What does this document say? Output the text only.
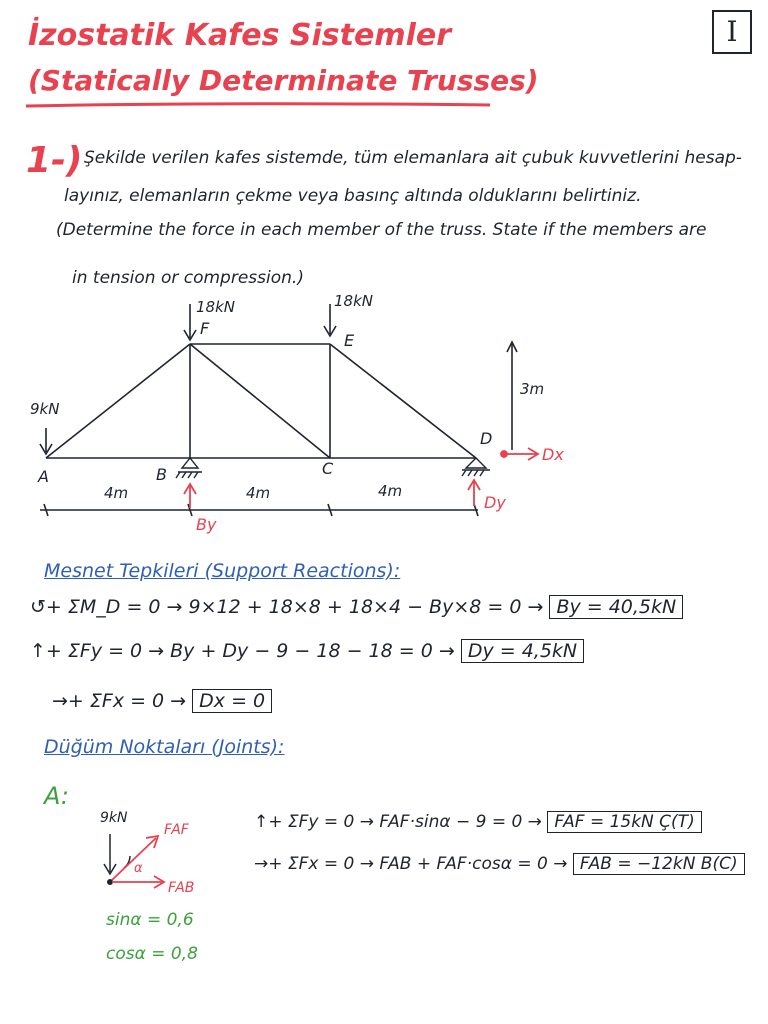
İzostatik Kafes Sistemler
(Statically Determinate Trusses)
I
1-) Şekilde verilen kafes sistemde, tüm elemanlara ait çubuk kuvvetlerini hesap-
layınız, elemanların çekme veya basınç altında olduklarını belirtiniz.
(Determine the force in each member of the truss. State if the members are
in tension or compression.)
18kN	18kN
9kN
F
E
A	B	C
D
3m
4m	4m	4m
By
Dy
Dx
Mesnet Tepkileri (Support Reactions):
↺+ ΣM_D = 0 → 9×12 + 18×8 + 18×4 − By×8 = 0 → By = 40,5kN
↑+ ΣFy = 0 → By + Dy − 9 − 18 − 18 = 0 → Dy = 4,5kN
→+ ΣFx = 0 → Dx = 0
Düğüm Noktaları (Joints):
A:
9kN
FAF
FAB
α
sinα = 0,6
cosα = 0,8
↑+ ΣFy = 0 → FAF·sinα − 9 = 0 → FAF = 15kN Ç(T)
→+ ΣFx = 0 → FAB + FAF·cosα = 0 → FAB = −12kN B(C)
